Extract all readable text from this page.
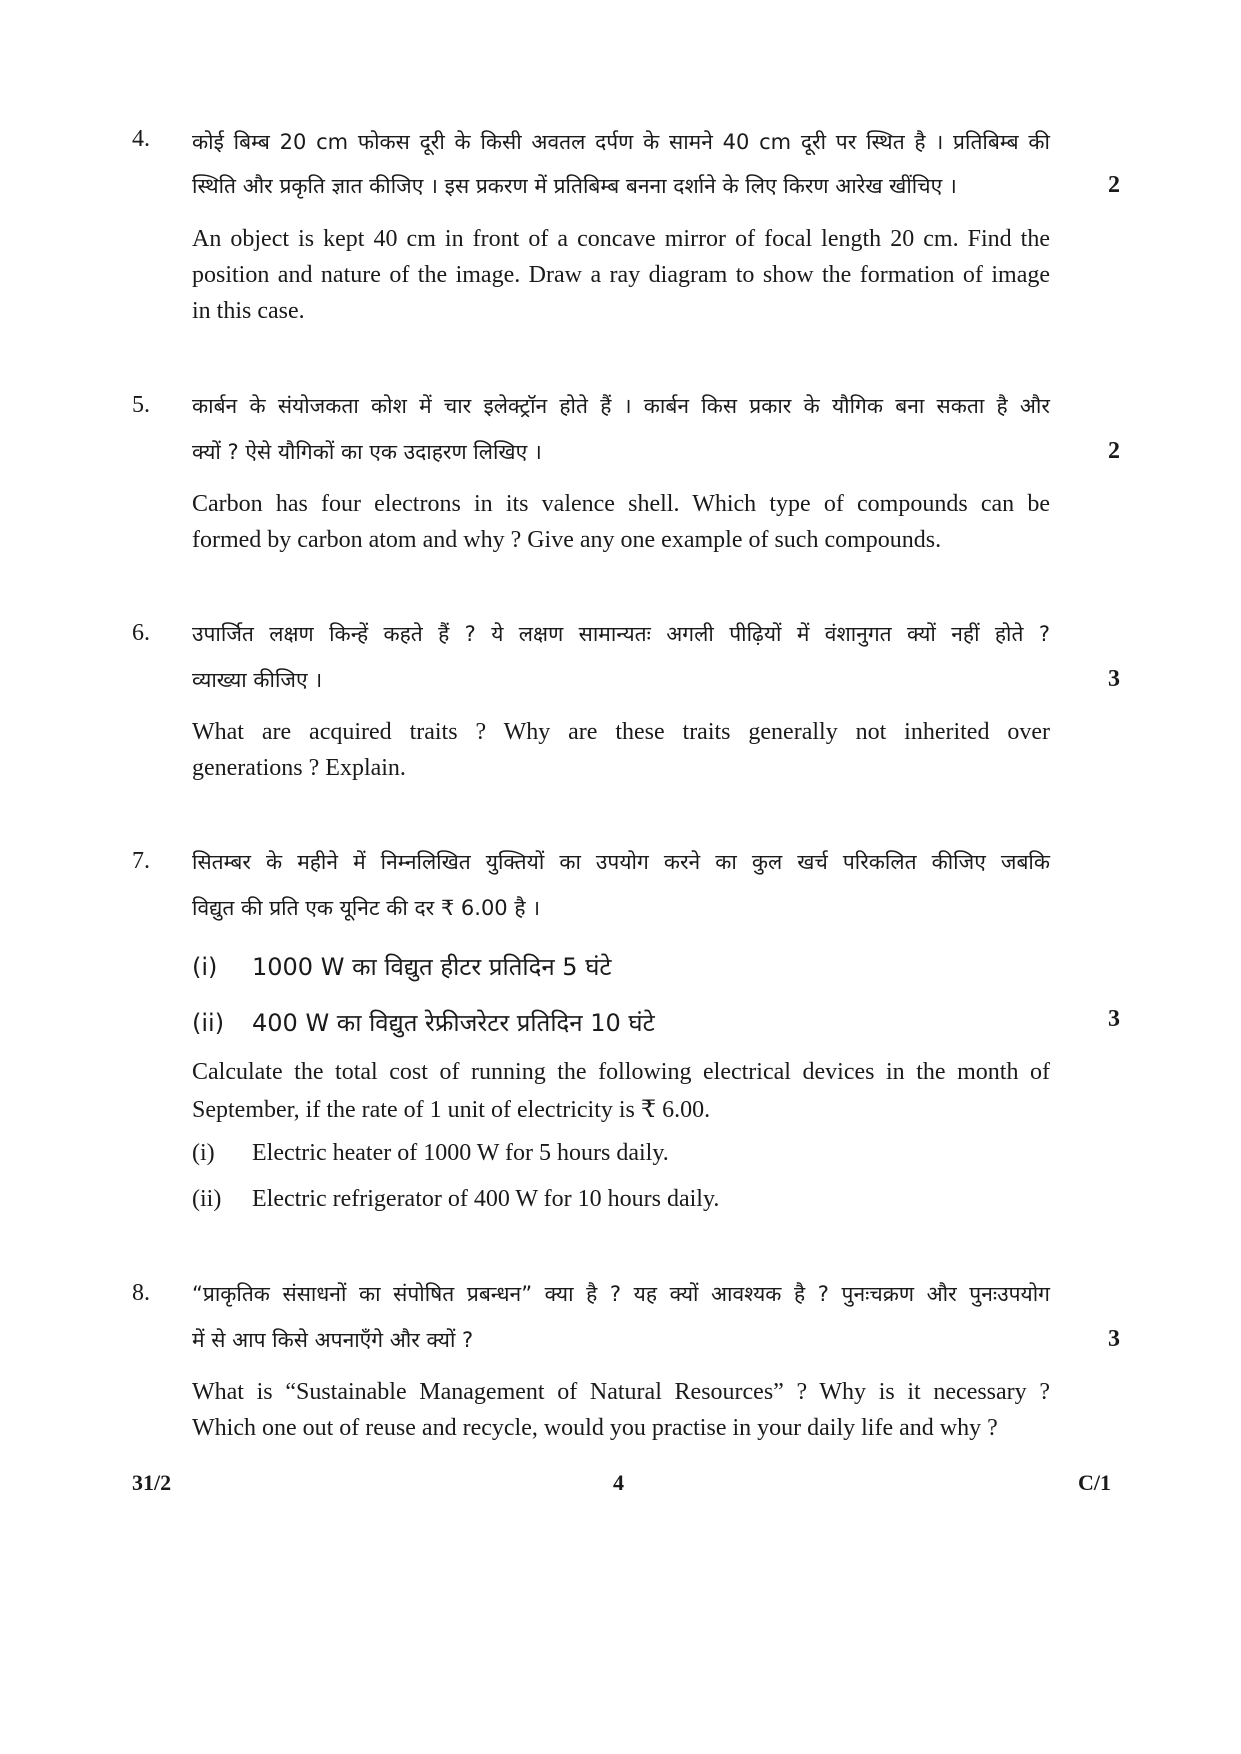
4. कोई बिम्ब 20 cm फोकस दूरी के किसी अवतल दर्पण के सामने 40 cm दूरी पर स्थित है । प्रतिबिम्ब की
स्थिति और प्रकृति ज्ञात कीजिए । इस प्रकरण में प्रतिबिम्ब बनना दर्शाने के लिए किरण आरेख खींचिए ।	2
An object is kept 40 cm in front of a concave mirror of focal length 20 cm. Find the
position and nature of the image. Draw a ray diagram to show the formation of image
in this case.
5. कार्बन के संयोजकता कोश में चार इलेक्ट्रॉन होते हैं । कार्बन किस प्रकार के यौगिक बना सकता है और
क्यों ? ऐसे यौगिकों का एक उदाहरण लिखिए ।	2
Carbon has four electrons in its valence shell. Which type of compounds can be
formed by carbon atom and why ? Give any one example of such compounds.
6. उपार्जित लक्षण किन्हें कहते हैं ? ये लक्षण सामान्यतः अगली पीढ़ियों में वंशानुगत क्यों नहीं होते ?
व्याख्या कीजिए ।	3
What are acquired traits ? Why are these traits generally not inherited over
generations ? Explain.
7. सितम्बर के महीने में निम्नलिखित युक्तियों का उपयोग करने का कुल खर्च परिकलित कीजिए जबकि
विद्युत की प्रति एक यूनिट की दर ₹ 6.00 है ।
(i) 1000 W का विद्युत हीटर प्रतिदिन 5 घंटे
(ii) 400 W का विद्युत रेफ्रीजरेटर प्रतिदिन 10 घंटे	3
Calculate the total cost of running the following electrical devices in the month of
September, if the rate of 1 unit of electricity is ₹ 6.00.
(i) Electric heater of 1000 W for 5 hours daily.
(ii) Electric refrigerator of 400 W for 10 hours daily.
8. “प्राकृतिक संसाधनों का संपोषित प्रबन्धन” क्या है ? यह क्यों आवश्यक है ? पुनःचक्रण और पुनःउपयोग
में से आप किसे अपनाएँगे और क्यों ?	3
What is “Sustainable Management of Natural Resources” ? Why is it necessary ?
Which one out of reuse and recycle, would you practise in your daily life and why ?
31/2	4	C/1
